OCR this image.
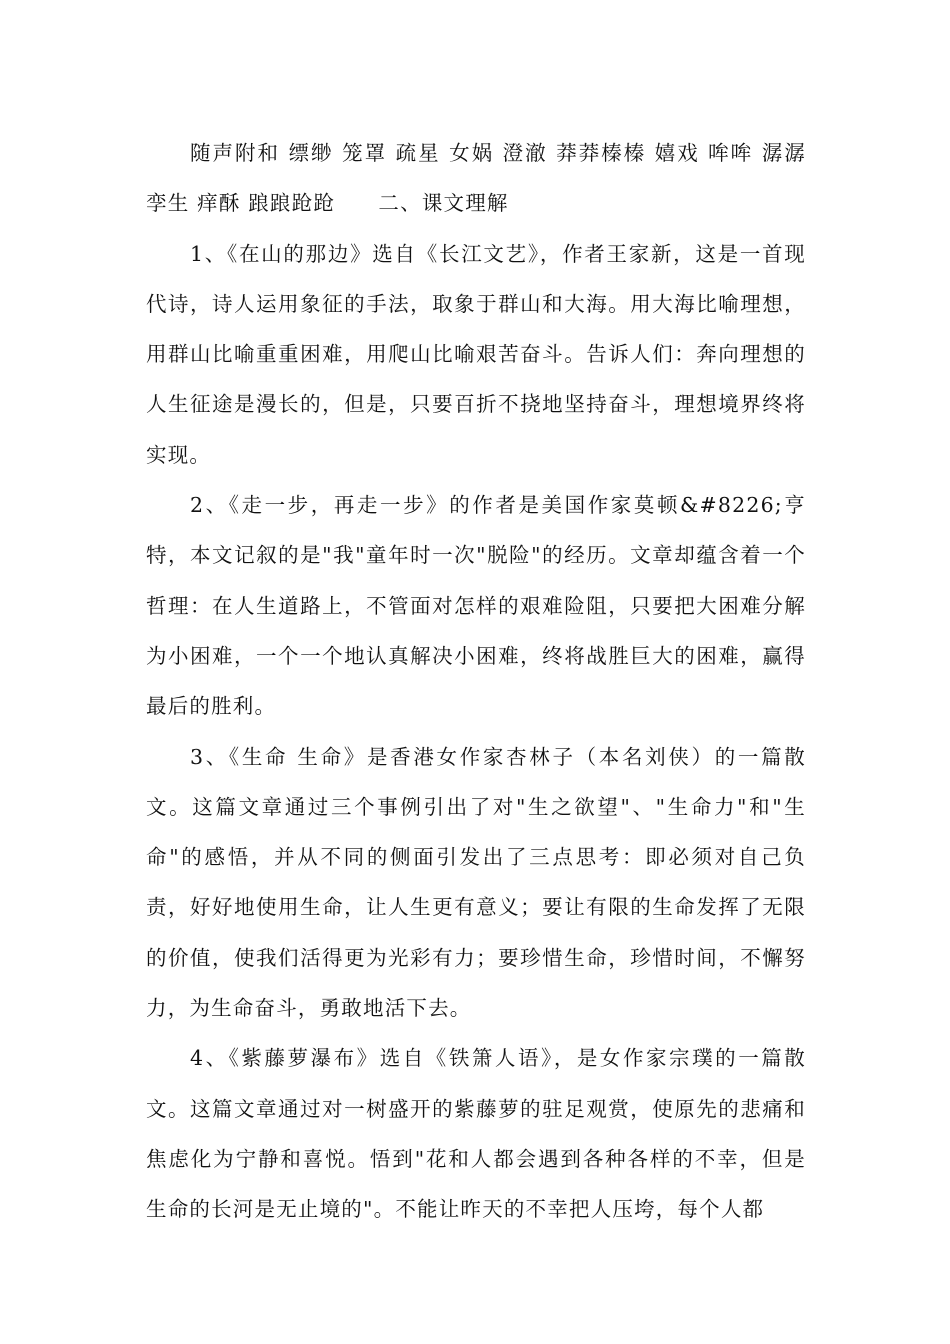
随声附和 缥缈 笼罩 疏星 女娲 澄澈 莽莽榛榛 嬉戏 哞哞 潺潺 孪生 痒酥 踉踉跄跄　　二、课文理解

1、《在山的那边》选自《长江文艺》，作者王家新，这是一首现代诗，诗人运用象征的手法，取象于群山和大海。用大海比喻理想，用群山比喻重重困难，用爬山比喻艰苦奋斗。告诉人们：奔向理想的人生征途是漫长的，但是，只要百折不挠地坚持奋斗，理想境界终将实现。

2、《走一步，再走一步》的作者是美国作家莫顿&#8226;亨特，本文记叙的是"我"童年时一次"脱险"的经历。文章却蕴含着一个哲理：在人生道路上，不管面对怎样的艰难险阻，只要把大困难分解为小困难，一个一个地认真解决小困难，终将战胜巨大的困难，赢得最后的胜利。

3、《生命 生命》是香港女作家杏林子（本名刘侠）的一篇散文。这篇文章通过三个事例引出了对"生之欲望"、"生命力"和"生命"的感悟，并从不同的侧面引发出了三点思考：即必须对自己负责，好好地使用生命，让人生更有意义；要让有限的生命发挥了无限的价值，使我们活得更为光彩有力；要珍惜生命，珍惜时间，不懈努力，为生命奋斗，勇敢地活下去。

4、《紫藤萝瀑布》选自《铁箫人语》，是女作家宗璞的一篇散文。这篇文章通过对一树盛开的紫藤萝的驻足观赏，使原先的悲痛和焦虑化为宁静和喜悦。悟到"花和人都会遇到各种各样的不幸，但是生命的长河是无止境的"。不能让昨天的不幸把人压垮，每个人都
